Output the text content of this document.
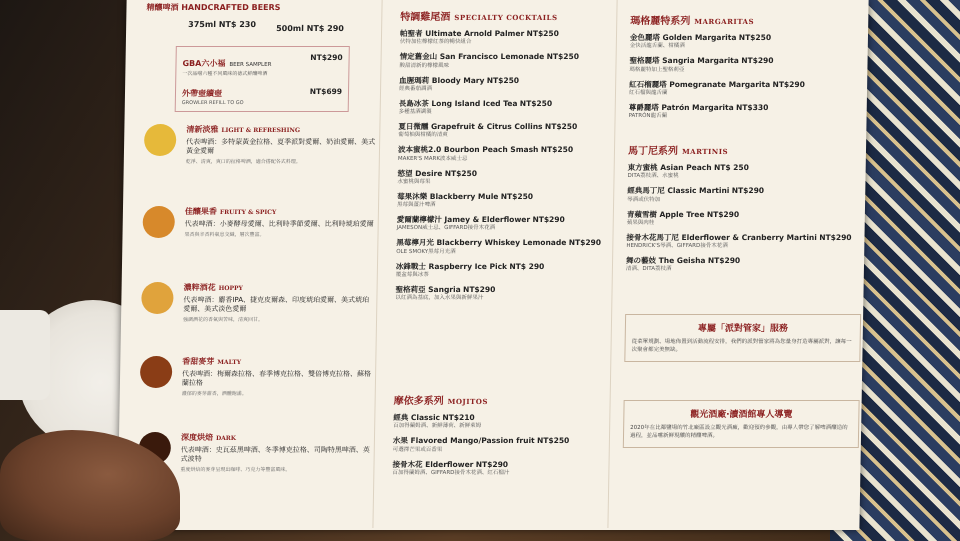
精釀啤酒 HANDCRAFTED BEERS
375ml NT$ 230	500ml NT$ 290
GBA六小福 BEER SAMPLER
NT$290
一次品嚐六種不同風味的德式鮮釀啤酒
外帶壺續壺	NT$699
GROWLER REFILL TO GO
清新淡雅 LIGHT & REFRESHING
代表啤酒：多特蒙黃金拉格、夏季派對愛爾、奶油愛爾、美式黃金愛爾
乾淨、清爽，爽口的拉格啤酒，適合搭配各式料理。
佳釀果香 FRUITY & SPICY
代表啤酒：小麥酵母愛爾、比利時季節愛爾、比利時琥珀愛爾
果香與辛香料氣息交織，層次豐富。
濃粹酒花 HOPPY
代表啤酒：麝香IPA、捷克皮爾森、印度琥珀愛爾、美式琥珀愛爾、美式淡色愛爾
強調酒花的香氣與苦味，清爽回甘。
香甜麥芽 MALTY
代表啤酒：梅爾森拉格、春季博克拉格、雙倍博克拉格、蘇格蘭拉格
濃郁的麥芽甜香，酒體飽滿。
深度烘焙 DARK
代表啤酒：史瓦茲黑啤酒、冬季博克拉格、司陶特黑啤酒、英式波特
重度烘焙的麥芽呈現出咖啡、巧克力等豐富風味。
特調雞尾酒 SPECIALTY COCKTAILS
帕聖者 Ultimate Arnold Palmer NT$250
伏特加佐檸檬紅茶的暢快組合
情定舊金山 San Francisco Lemonade NT$250
酸甜清新的檸檬風味
血腥瑪莉 Bloody Mary NT$250
經典番茄調酒
長島冰茶 Long Island Iced Tea NT$250
多種基酒調製
夏日微醺 Grapefruit & Citrus Collins NT$250
葡萄柚與柑橘的清爽
波本蜜桃2.0 Bourbon Peach Smash NT$250
MAKER'S MARK波本威士忌
慾望 Desire NT$250
水蜜桃與莓果
莓果沐樂 Blackberry Mule NT$250
黑莓與薑汁啤酒
愛爾蘭檸檬汁 Jamey & Elderflower NT$290
JAMESON威士忌、GIFFARD接骨木花酒
黑莓檸月光 Blackberry Whiskey Lemonade NT$290
OLE SMOKY黑莓月光酒
冰鋒戰士 Raspberry Ice Pick NT$ 290
覆盆莓與冰茶
聖格莉亞 Sangria NT$290
以紅酒為基底，加入水果與新鮮果汁
摩依多系列 MOJITOS
經典 Classic NT$210
百加得蘭姆酒、新鮮薄荷、新鮮萊姆
水果 Flavored Mango/Passion fruit NT$250
可選擇芒果或百香果
接骨木花 Elderflower NT$290
百加得蘭姆酒、GIFFARD接骨木花酒、紅石榴汁
瑪格麗特系列 MARGARITAS
金色麗塔 Golden Margarita NT$250
金快活龍舌蘭、柑橘酒
聖格麗塔 Sangria Margarita NT$290
瑪格麗特加上聖格莉亞
紅石榴麗塔 Pomegranate Margarita NT$290
紅石榴與龍舌蘭
尊爵麗塔 Patrón Margarita NT$330
PATRÓN龍舌蘭
馬丁尼系列 MARTINIS
東方蜜桃 Asian Peach NT$ 250
DITA荔枝酒、水蜜桃
經典馬丁尼 Classic Martini NT$290
琴酒或伏特加
青蘋雪樹 Apple Tree NT$290
蘋果與肉桂
接骨木花馬丁尼 Elderflower & Cranberry Martini NT$290
HENDRICK'S琴酒、GIFFARD接骨木花酒
舞の藝妓 The Geisha NT$290
清酒、DITA荔枝酒
專屬「派對管家」服務
從菜單規劃、場地佈置到活動流程安排，我們的派對管家將為您量身打造專屬派對，讓每一次聚會都完美無缺。
觀光酒廠‧讀酒館專人導覽
2020年在比鄰鹽場的竹北廠區設立觀光酒廠，歡迎預約參觀，由專人帶您了解啤酒釀造的過程，並品嚐新鮮現釀的精釀啤酒。
